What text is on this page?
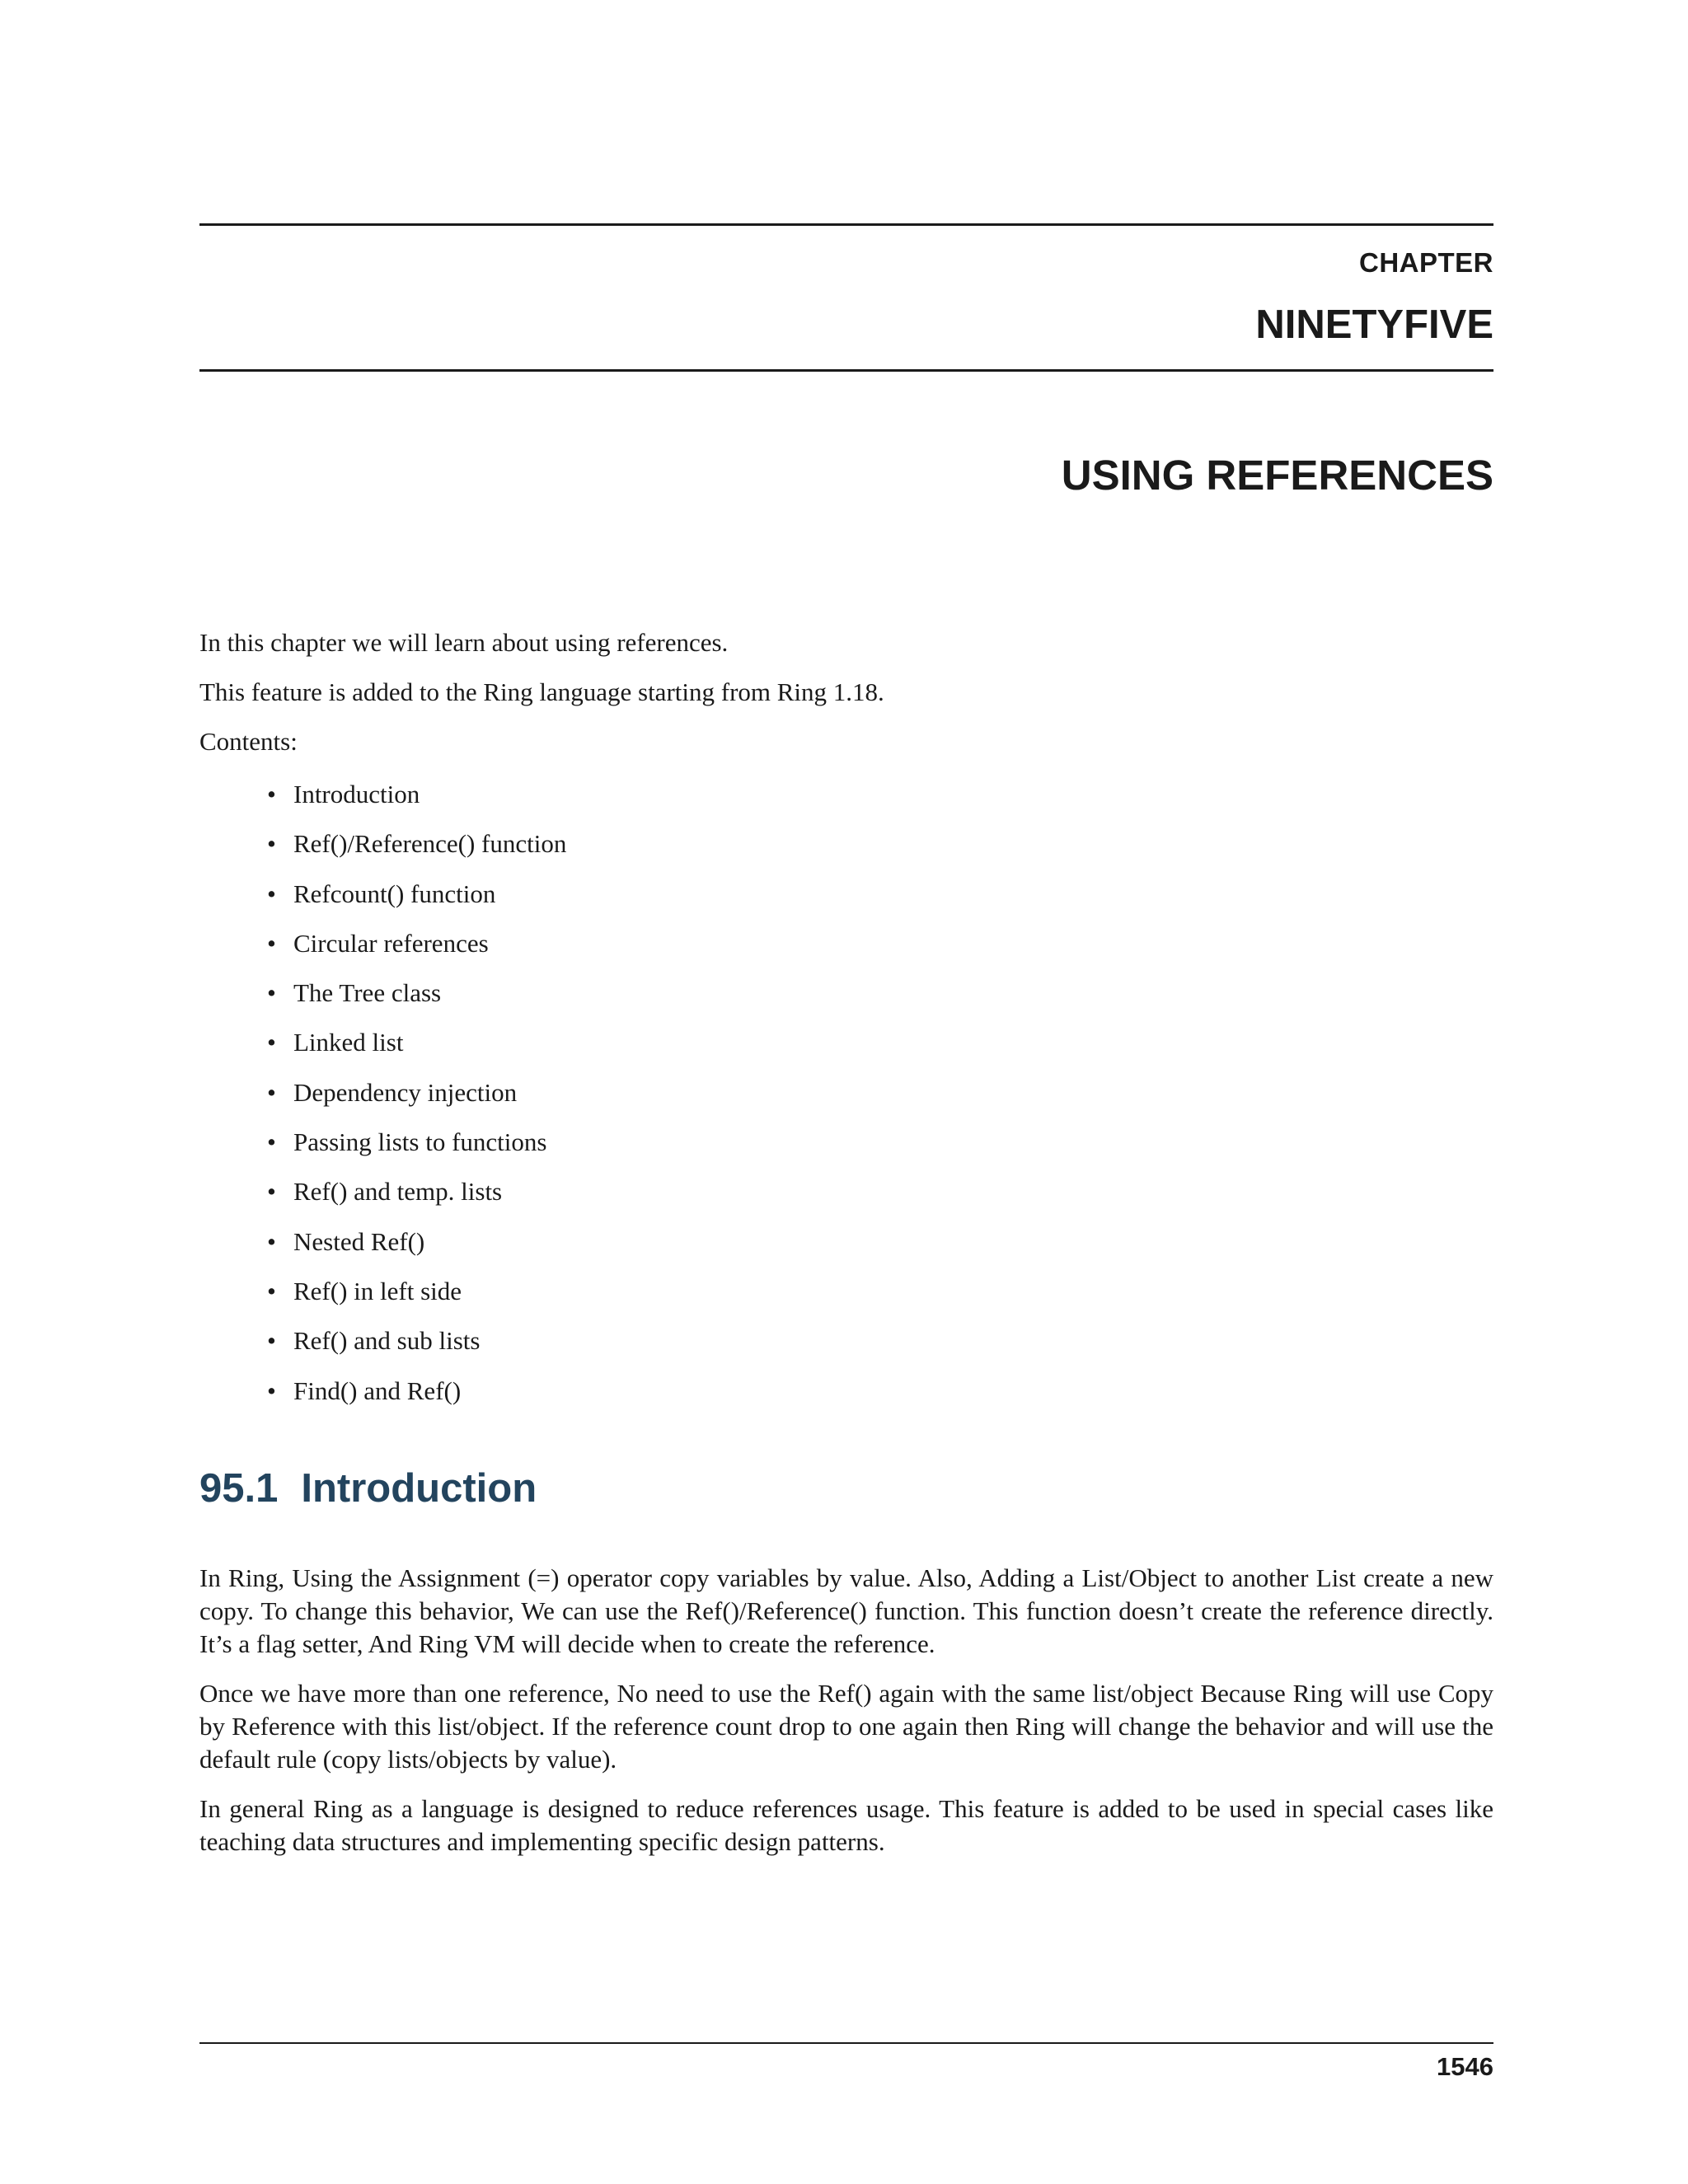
CHAPTER
NINETYFIVE
USING REFERENCES

In this chapter we will learn about using references.

This feature is added to the Ring language starting from Ring 1.18.

Contents:

• Introduction
• Ref()/Reference() function
• Refcount() function
• Circular references
• The Tree class
• Linked list
• Dependency injection
• Passing lists to functions
• Ref() and temp. lists
• Nested Ref()
• Ref() in left side
• Ref() and sub lists
• Find() and Ref()
95.1 Introduction

In Ring, Using the Assignment (=) operator copy variables by value. Also, Adding a List/Object to another List create a new copy. To change this behavior, We can use the Ref()/Reference() function. This function doesn’t create the reference directly. It’s a flag setter, And Ring VM will decide when to create the reference.

Once we have more than one reference, No need to use the Ref() again with the same list/object Because Ring will use Copy by Reference with this list/object. If the reference count drop to one again then Ring will change the behavior and will use the default rule (copy lists/objects by value).

In general Ring as a language is designed to reduce references usage. This feature is added to be used in special cases like teaching data structures and implementing specific design patterns.

1546
